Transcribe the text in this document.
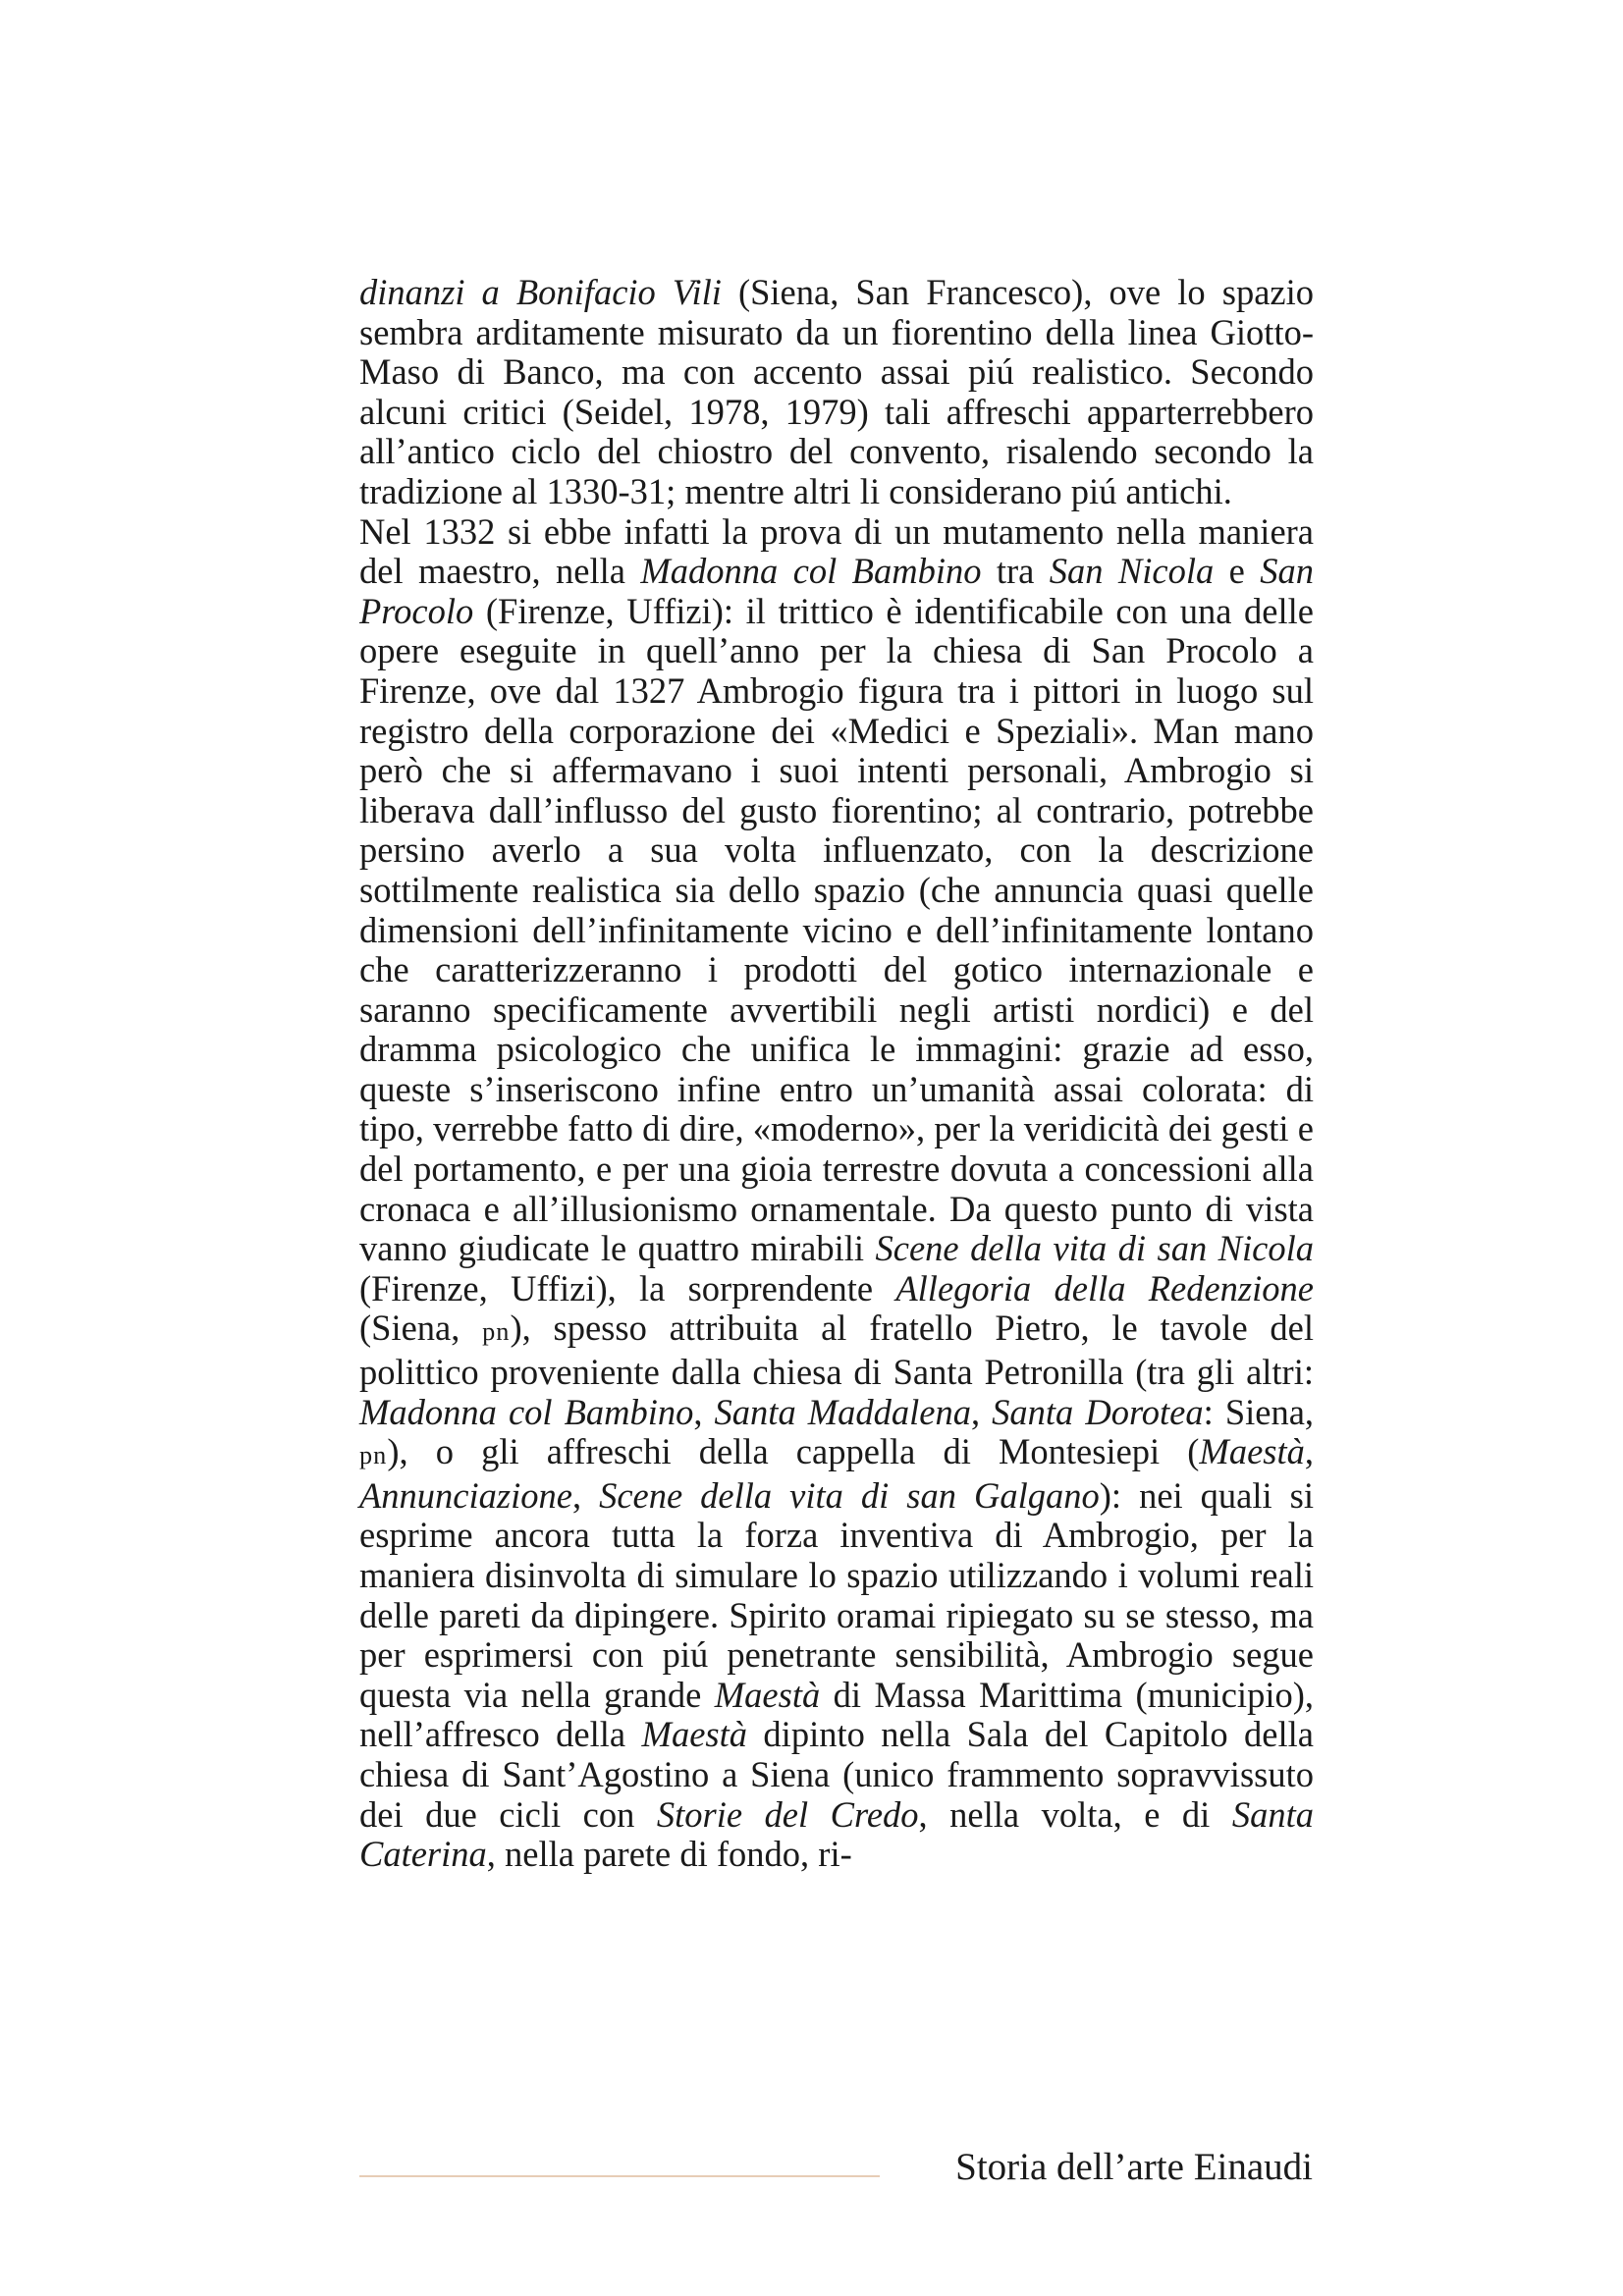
dinanzi a Bonifacio Vili (Siena, San Francesco), ove lo spazio sembra arditamente misurato da un fiorentino della linea Giotto-Maso di Banco, ma con accento assai piú realistico. Secondo alcuni critici (Seidel, 1978, 1979) tali affreschi apparterrebbero all’antico ciclo del chiostro del convento, risalendo secondo la tradizione al 1330-31; mentre altri li considerano piú antichi.

Nel 1332 si ebbe infatti la prova di un mutamento nella maniera del maestro, nella Madonna col Bambino tra San Nicola e San Procolo (Firenze, Uffizi): il trittico è identificabile con una delle opere eseguite in quell’anno per la chiesa di San Procolo a Firenze, ove dal 1327 Ambrogio figura tra i pittori in luogo sul registro della corporazione dei «Medici e Speziali». Man mano però che si affermavano i suoi intenti personali, Ambrogio si liberava dall’influsso del gusto fiorentino; al contrario, potrebbe persino averlo a sua volta influenzato, con la descrizione sottilmente realistica sia dello spazio (che annuncia quasi quelle dimensioni dell’infinitamente vicino e dell’infinitamente lontano che caratterizzeranno i prodotti del gotico internazionale e saranno specificamente avvertibili negli artisti nordici) e del dramma psicologico che unifica le immagini: grazie ad esso, queste s’inseriscono infine entro un’umanità assai colorata: di tipo, verrebbe fatto di dire, «moderno», per la veridicità dei gesti e del portamento, e per una gioia terrestre dovuta a concessioni alla cronaca e all’illusionismo ornamentale. Da questo punto di vista vanno giudicate le quattro mirabili Scene della vita di san Nicola (Firenze, Uffizi), la sorprendente Allegoria della Redenzione (Siena, pn), spesso attribuita al fratello Pietro, le tavole del polittico proveniente dalla chiesa di Santa Petronilla (tra gli altri: Madonna col Bambino, Santa Maddalena, Santa Dorotea: Siena, pn), o gli affreschi della cappella di Montesiepi (Maestà, Annunciazione, Scene della vita di san Galgano): nei quali si esprime ancora tutta la forza inventiva di Ambrogio, per la maniera disinvolta di simulare lo spazio utilizzando i volumi reali delle pareti da dipingere. Spirito oramai ripiegato su se stesso, ma per esprimersi con piú penetrante sensibilità, Ambrogio segue questa via nella grande Maestà di Massa Marittima (municipio), nell’affresco della Maestà dipinto nella Sala del Capitolo della chiesa di Sant’Agostino a Siena (unico frammento sopravvissuto dei due cicli con Storie del Credo, nella volta, e di Santa Caterina, nella parete di fondo, ri-

Storia dell’arte Einaudi
